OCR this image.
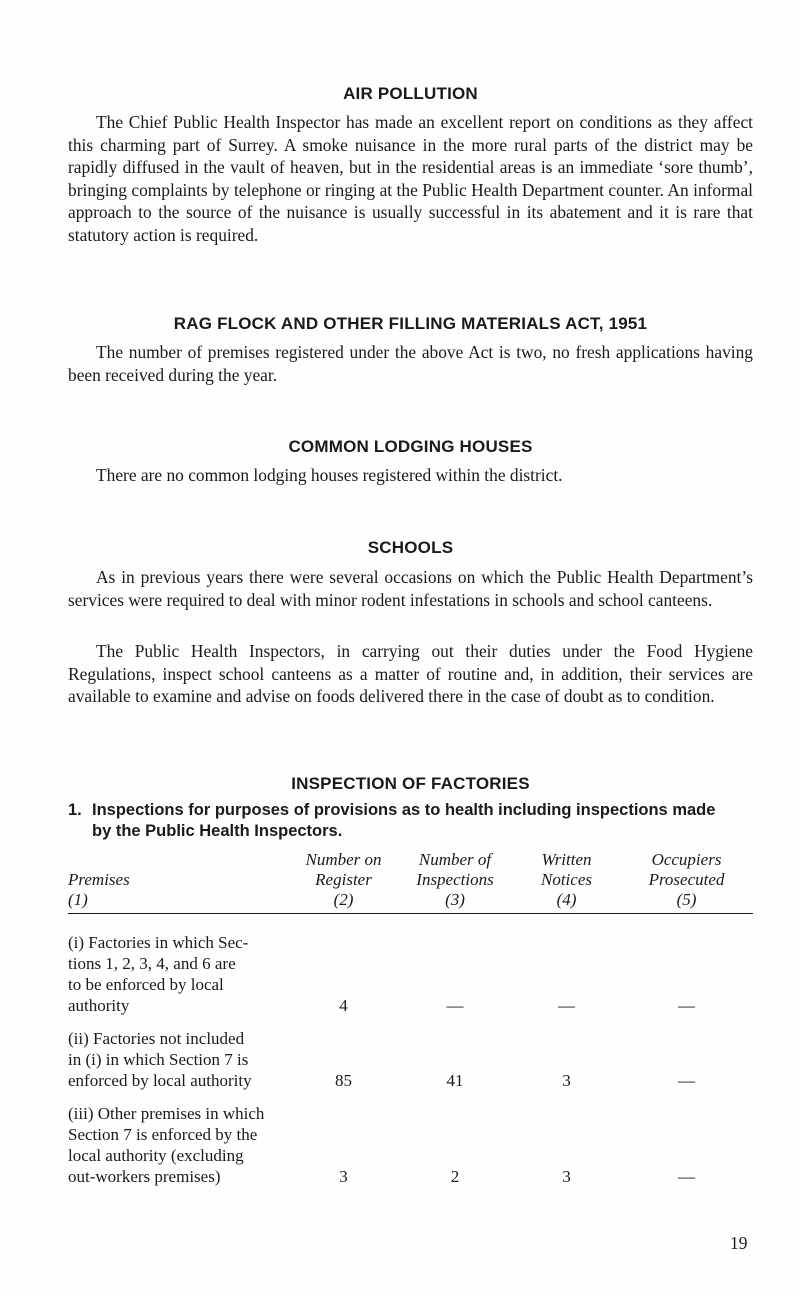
AIR POLLUTION

The Chief Public Health Inspector has made an excellent report on conditions as they affect this charming part of Surrey. A smoke nuisance in the more rural parts of the district may be rapidly diffused in the vault of heaven, but in the residential areas is an immediate ‘sore thumb’, bringing complaints by telephone or ringing at the Public Health Department counter. An informal approach to the source of the nuisance is usually successful in its abatement and it is rare that statutory action is required.

RAG FLOCK AND OTHER FILLING MATERIALS ACT, 1951

The number of premises registered under the above Act is two, no fresh applications having been received during the year.

COMMON LODGING HOUSES

There are no common lodging houses registered within the district.

SCHOOLS

As in previous years there were several occasions on which the Public Health Department’s services were required to deal with minor rodent infestations in schools and school canteens.

The Public Health Inspectors, in carrying out their duties under the Food Hygiene Regulations, inspect school canteens as a matter of routine and, in addition, their services are available to examine and advise on foods delivered there in the case of doubt as to condition.

INSPECTION OF FACTORIES
1. Inspections for purposes of provisions as to health including inspections made
by the Public Health Inspectors.
	Number on	Number of	Written	Occupiers
Premises	Register	Inspections	Notices	Prosecuted
(1)	(2)	(3)	(4)	(5)

(i) Factories in which Sec-
tions 1, 2, 3, 4, and 6 are
to be enforced by local
authority	4	—	—	—

(ii) Factories not included
in (i) in which Section 7 is
enforced by local authority	85	41	3	—

(iii) Other premises in which
Section 7 is enforced by the
local authority (excluding
out-workers premises)	3	2	3	—
19
